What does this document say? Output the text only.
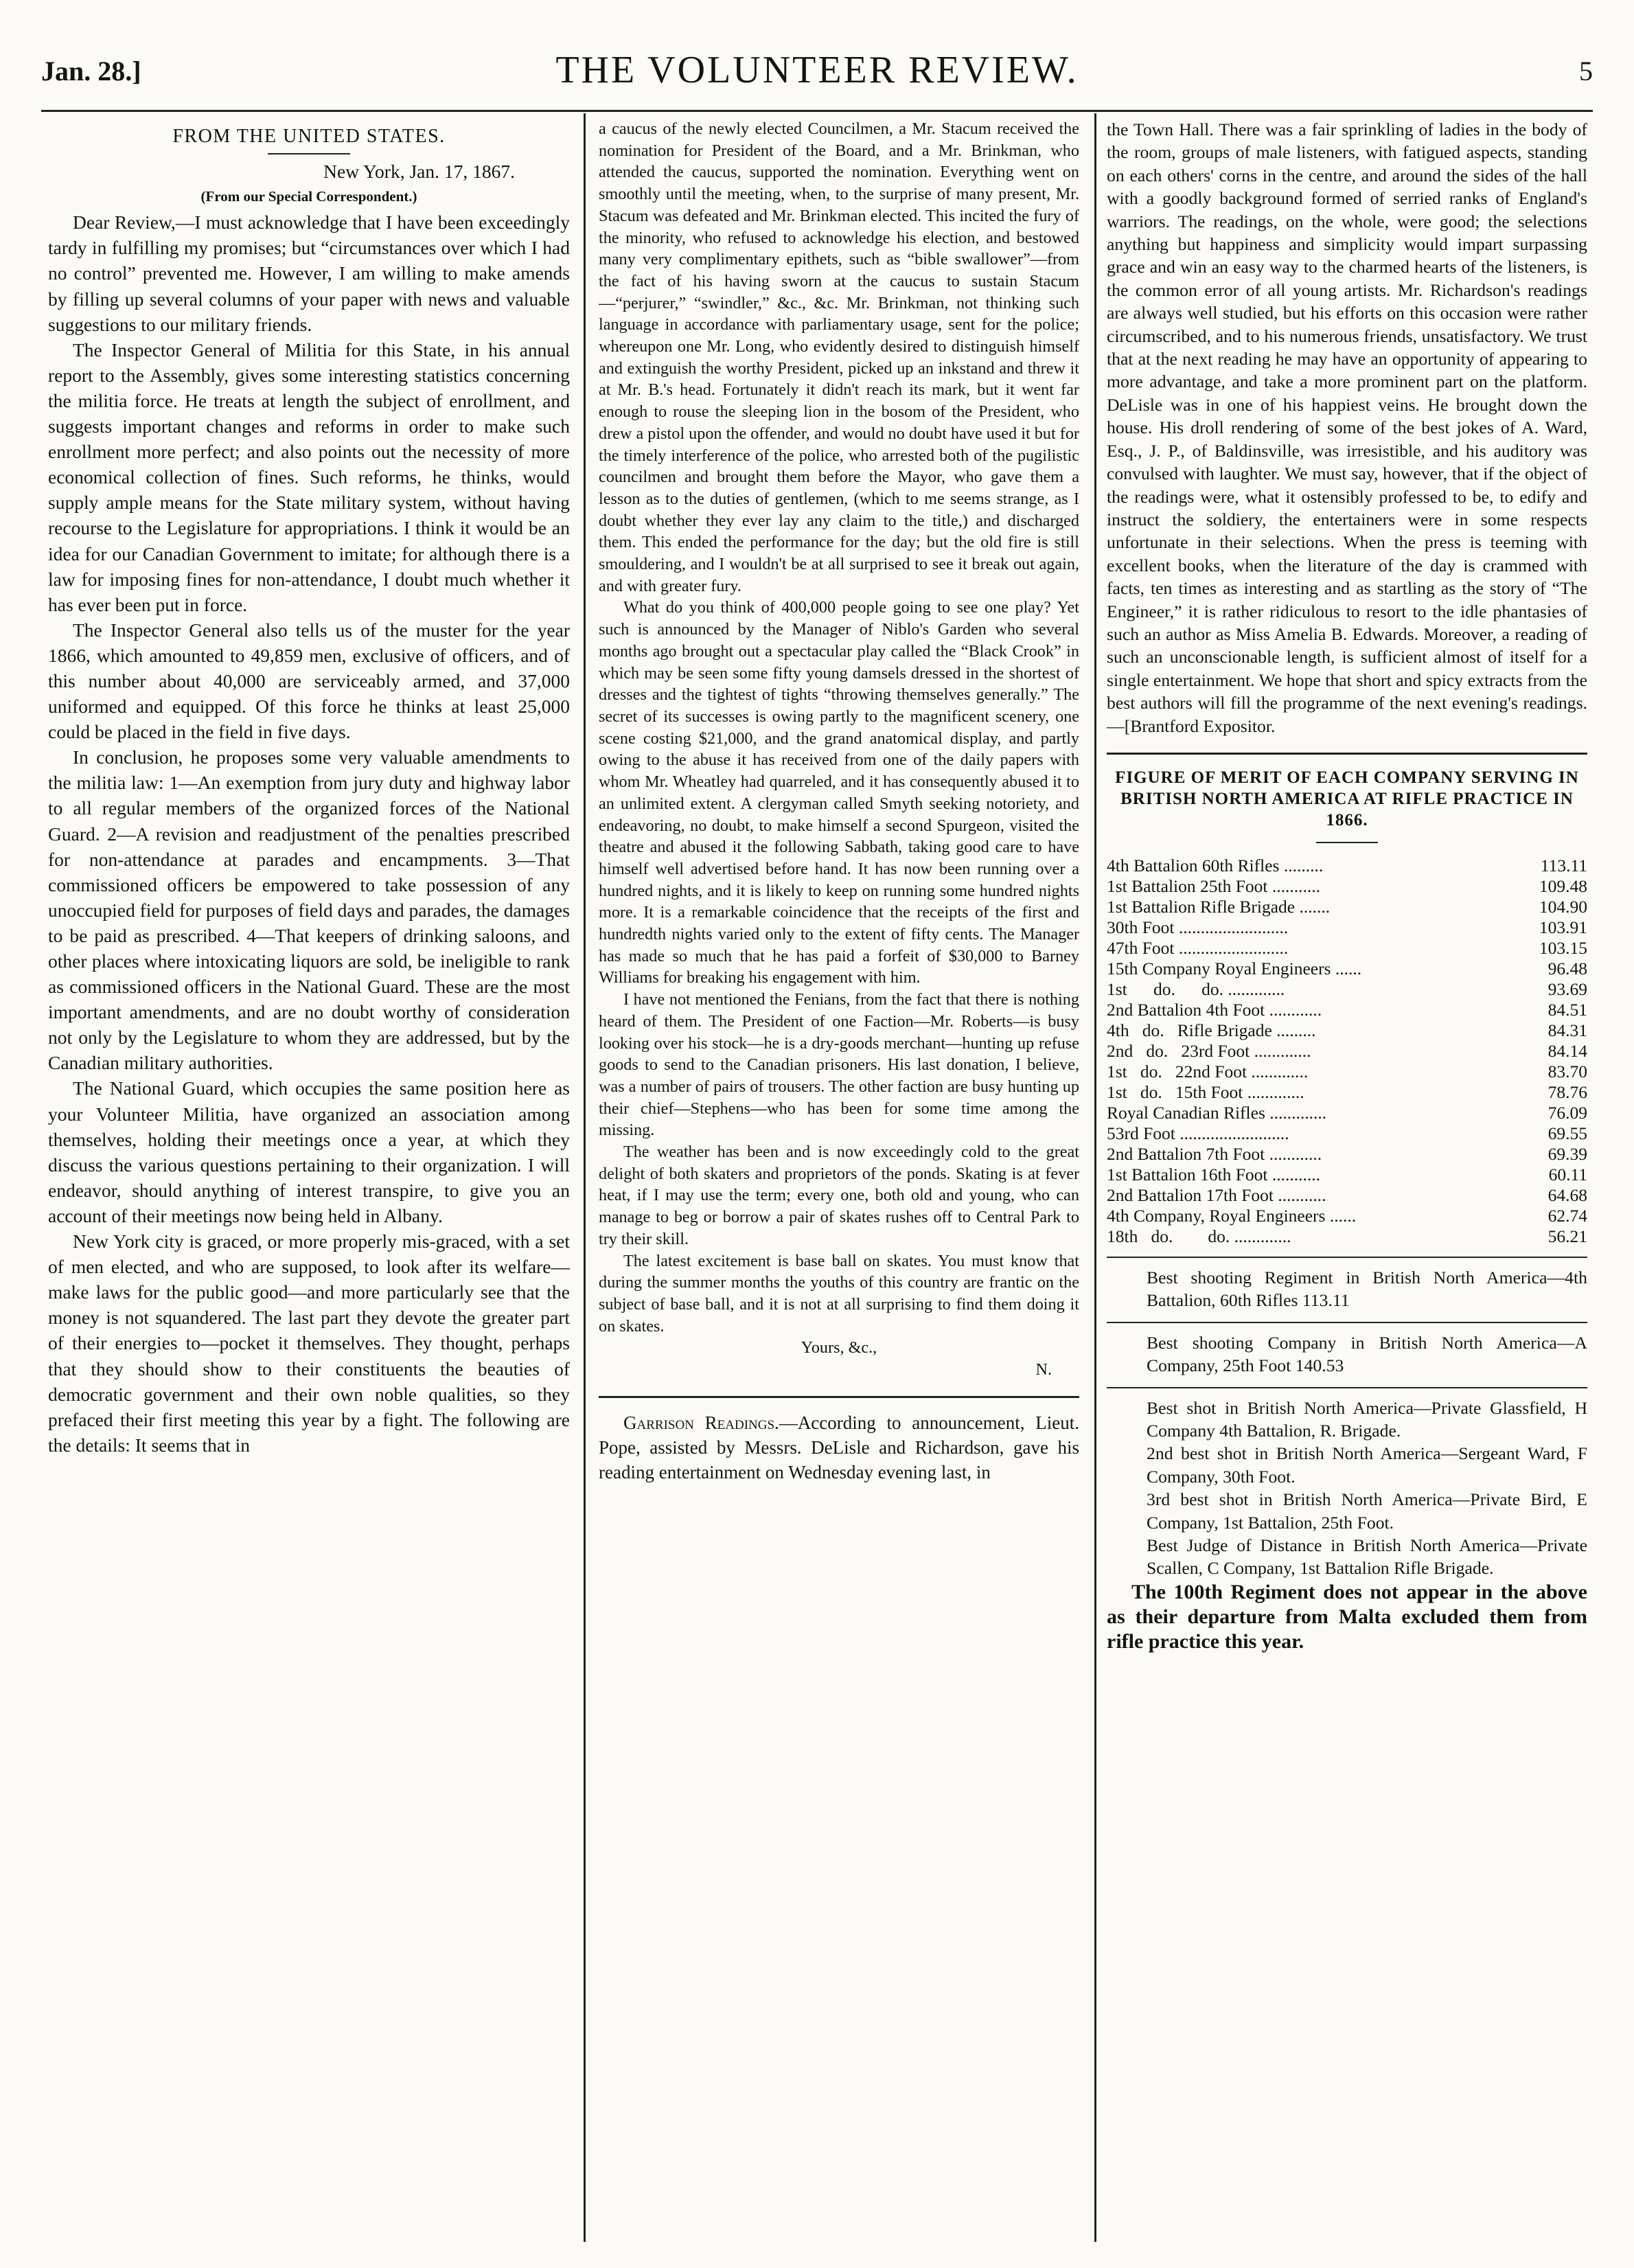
Jan. 28.]	THE VOLUNTEER REVIEW.	5

FROM THE UNITED STATES.

New York, Jan. 17, 1867.

(From our Special Correspondent.)

Dear Review,—I must acknowledge that I have been exceedingly tardy in fulfilling my promises; but “circumstances over which I had no control” prevented me. However, I am willing to make amends by filling up several columns of your paper with news and valuable suggestions to our military friends.

The Inspector General of Militia for this State, in his annual report to the Assembly, gives some interesting statistics concerning the militia force. He treats at length the subject of enrollment, and suggests important changes and reforms in order to make such enrollment more perfect; and also points out the necessity of more economical collection of fines. Such reforms, he thinks, would supply ample means for the State military system, without having recourse to the Legislature for appropriations. I think it would be an idea for our Canadian Government to imitate; for although there is a law for imposing fines for non-attendance, I doubt much whether it has ever been put in force.

The Inspector General also tells us of the muster for the year 1866, which amounted to 49,859 men, exclusive of officers, and of this number about 40,000 are serviceably armed, and 37,000 uniformed and equipped. Of this force he thinks at least 25,000 could be placed in the field in five days.

In conclusion, he proposes some very valuable amendments to the militia law: 1—An exemption from jury duty and highway labor to all regular members of the organized forces of the National Guard. 2—A revision and readjustment of the penalties prescribed for non-attendance at parades and encampments. 3—That commissioned officers be empowered to take possession of any unoccupied field for purposes of field days and parades, the damages to be paid as prescribed. 4—That keepers of drinking saloons, and other places where intoxicating liquors are sold, be ineligible to rank as commissioned officers in the National Guard. These are the most important amendments, and are no doubt worthy of consideration not only by the Legislature to whom they are addressed, but by the Canadian military authorities.

The National Guard, which occupies the same position here as your Volunteer Militia, have organized an association among themselves, holding their meetings once a year, at which they discuss the various questions pertaining to their organization. I will endeavor, should anything of interest transpire, to give you an account of their meetings now being held in Albany.

New York city is graced, or more properly mis-graced, with a set of men elected, and who are supposed, to look after its welfare—make laws for the public good—and more particularly see that the money is not squandered. The last part they devote the greater part of their energies to—pocket it themselves. They thought, perhaps that they should show to their constituents the beauties of democratic government and their own noble qualities, so they prefaced their first meeting this year by a fight. The following are the details: It seems that in

a caucus of the newly elected Councilmen, a Mr. Stacum received the nomination for President of the Board, and a Mr. Brinkman, who attended the caucus, supported the nomination. Everything went on smoothly until the meeting, when, to the surprise of many present, Mr. Stacum was defeated and Mr. Brinkman elected. This incited the fury of the minority, who refused to acknowledge his election, and bestowed many very complimentary epithets, such as “bible swallower”—from the fact of his having sworn at the caucus to sustain Stacum—“perjurer,” “swindler,” &c., &c. Mr. Brinkman, not thinking such language in accordance with parliamentary usage, sent for the police; whereupon one Mr. Long, who evidently desired to distinguish himself and extinguish the worthy President, picked up an inkstand and threw it at Mr. B.'s head. Fortunately it didn't reach its mark, but it went far enough to rouse the sleeping lion in the bosom of the President, who drew a pistol upon the offender, and would no doubt have used it but for the timely interference of the police, who arrested both of the pugilistic councilmen and brought them before the Mayor, who gave them a lesson as to the duties of gentlemen, (which to me seems strange, as I doubt whether they ever lay any claim to the title,) and discharged them. This ended the performance for the day; but the old fire is still smouldering, and I wouldn't be at all surprised to see it break out again, and with greater fury.

What do you think of 400,000 people going to see one play? Yet such is announced by the Manager of Niblo's Garden who several months ago brought out a spectacular play called the “Black Crook” in which may be seen some fifty young damsels dressed in the shortest of dresses and the tightest of tights “throwing themselves generally.” The secret of its successes is owing partly to the magnificent scenery, one scene costing $21,000, and the grand anatomical display, and partly owing to the abuse it has received from one of the daily papers with whom Mr. Wheatley had quarreled, and it has consequently abused it to an unlimited extent. A clergyman called Smyth seeking notoriety, and endeavoring, no doubt, to make himself a second Spurgeon, visited the theatre and abused it the following Sabbath, taking good care to have himself well advertised before hand. It has now been running over a hundred nights, and it is likely to keep on running some hundred nights more. It is a remarkable coincidence that the receipts of the first and hundredth nights varied only to the extent of fifty cents. The Manager has made so much that he has paid a forfeit of $30,000 to Barney Williams for breaking his engagement with him.

I have not mentioned the Fenians, from the fact that there is nothing heard of them. The President of one Faction—Mr. Roberts—is busy looking over his stock—he is a dry-goods merchant—hunting up refuse goods to send to the Canadian prisoners. His last donation, I believe, was a number of pairs of trousers. The other faction are busy hunting up their chief—Stephens—who has been for some time among the missing.

The weather has been and is now exceedingly cold to the great delight of both skaters and proprietors of the ponds. Skating is at fever heat, if I may use the term; every one, both old and young, who can manage to beg or borrow a pair of skates rushes off to Central Park to try their skill.

The latest excitement is base ball on skates. You must know that during the summer months the youths of this country are frantic on the subject of base ball, and it is not at all surprising to find them doing it on skates.

Yours, &c.,

N.

Garrison Readings.—According to announcement, Lieut. Pope, assisted by Messrs. DeLisle and Richardson, gave his reading entertainment on Wednesday evening last, in

the Town Hall. There was a fair sprinkling of ladies in the body of the room, groups of male listeners, with fatigued aspects, standing on each others' corns in the centre, and around the sides of the hall with a goodly background formed of serried ranks of England's warriors. The readings, on the whole, were good; the selections anything but happiness and simplicity would impart surpassing grace and win an easy way to the charmed hearts of the listeners, is the common error of all young artists. Mr. Richardson's readings are always well studied, but his efforts on this occasion were rather circumscribed, and to his numerous friends, unsatisfactory. We trust that at the next reading he may have an opportunity of appearing to more advantage, and take a more prominent part on the platform. DeLisle was in one of his happiest veins. He brought down the house. His droll rendering of some of the best jokes of A. Ward, Esq., J. P., of Baldinsville, was irresistible, and his auditory was convulsed with laughter. We must say, however, that if the object of the readings were, what it ostensibly professed to be, to edify and instruct the soldiery, the entertainers were in some respects unfortunate in their selections. When the press is teeming with excellent books, when the literature of the day is crammed with facts, ten times as interesting and as startling as the story of “The Engineer,” it is rather ridiculous to resort to the idle phantasies of such an author as Miss Amelia B. Edwards. Moreover, a reading of such an unconscionable length, is sufficient almost of itself for a single entertainment. We hope that short and spicy extracts from the best authors will fill the programme of the next evening's readings.—[Brantford Expositor.

FIGURE OF MERIT OF EACH COMPANY SERVING IN BRITISH NORTH AMERICA AT RIFLE PRACTICE IN 1866.

4th Battalion 60th Rifles .........	113.11
1st Battalion 25th Foot ...........	109.48
1st Battalion Rifle Brigade .......	104.90
30th Foot .........................	103.91
47th Foot .........................	103.15
15th Company Royal Engineers ......	96.48
1st      do.      do. .............	93.69
2nd Battalion 4th Foot ............	84.51
4th   do.   Rifle Brigade .........	84.31
2nd   do.   23rd Foot .............	84.14
1st   do.   22nd Foot .............	83.70
1st   do.   15th Foot .............	78.76
Royal Canadian Rifles .............	76.09
53rd Foot .........................	69.55
2nd Battalion 7th Foot ............	69.39
1st Battalion 16th Foot ...........	60.11
2nd Battalion 17th Foot ...........	64.68
4th Company, Royal Engineers ......	62.74
18th   do.        do. .............	56.21

Best shooting Regiment in British North America—4th Battalion, 60th Rifles 113.11

Best shooting Company in British North America—A Company, 25th Foot 140.53

Best shot in British North America—Private Glassfield, H Company 4th Battalion, R. Brigade.

2nd best shot in British North America—Sergeant Ward, F Company, 30th Foot.

3rd best shot in British North America—Private Bird, E Company, 1st Battalion, 25th Foot.

Best Judge of Distance in British North America—Private Scallen, C Company, 1st Battalion Rifle Brigade.

The 100th Regiment does not appear in the above as their departure from Malta excluded them from rifle practice this year.
